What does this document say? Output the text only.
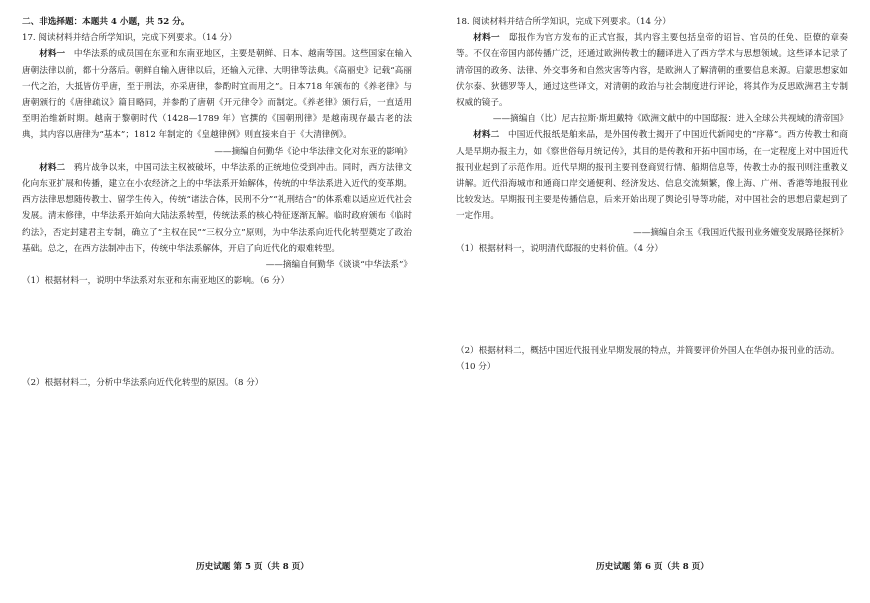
二、非选择题：本题共 4 小题，共 52 分。

17. 阅读材料并结合所学知识，完成下列要求。（14 分）

材料一　 中华法系的成员国在东亚和东南亚地区，主要是朝鲜、日本、越南等国。这些国家在输入唐朝法律以前，都十分落后。朝鲜自输入唐律以后，还输入元律、大明律等法典。《高丽史》记载“高丽一代之治，大抵皆仿乎唐，至于刑法，亦采唐律，参酌时宜而用之”。日本718 年颁布的《养老律》与唐朝颁行的《唐律疏议》篇目略同，并参酌了唐朝《开元律令》而制定。《养老律》颁行后，一直适用至明治维新时期。越南于黎朝时代（1428—1789 年）官撰的《国朝刑律》是越南现存最古老的法典，其内容以唐律为“基本”；1812 年制定的《皇越律例》则直接来自于《大清律例》。

——摘编自何勤华《论中华法律文化对东亚的影响》

材料二　 鸦片战争以来，中国司法主权被破坏，中华法系的正统地位受到冲击。同时，西方法律文化向东亚扩展和传播，建立在小农经济之上的中华法系开始解体，传统的中华法系进入近代的变革期。西方法律思想随传教士、留学生传入，传统“诸法合体，民刑不分”“礼刑结合”的体系难以适应近代社会发展。清末修律，中华法系开始向大陆法系转型，传统法系的核心特征逐渐瓦解。临时政府颁布《临时约法》，否定封建君主专制，确立了“主权在民”“三权分立”原则，为中华法系向近代化转型奠定了政治基础。总之，在西方法制冲击下，传统中华法系解体，开启了向近代化的艰难转型。

——摘编自何勤华《谈谈“中华法系”》

（1）根据材料一，说明中华法系对东亚和东南亚地区的影响。（6 分）

（2）根据材料二，分析中华法系向近代化转型的原因。（8 分）

18. 阅读材料并结合所学知识，完成下列要求。（14 分）

材料一　 邸报作为官方发布的正式官报，其内容主要包括皇帝的诏旨、官员的任免、臣僚的章奏等。不仅在帝国内部传播广泛，还通过欧洲传教士的翻译进入了西方学术与思想领域。这些译本记录了清帝国的政务、法律、外交事务和自然灾害等内容，是欧洲人了解清朝的重要信息来源。启蒙思想家如伏尔泰、狄德罗等人，通过这些译文，对清朝的政治与社会制度进行评论，将其作为反思欧洲君主专制权威的镜子。

——摘编自（比）尼古拉斯·斯坦戴特《欧洲文献中的中国邸报：进入全球公共视域的清帝国》

材料二　 中国近代报纸是舶来品，是外国传教士揭开了中国近代新闻史的“序幕”。西方传教士和商人是早期办报主力，如《察世俗每月统记传》，其目的是传教和开拓中国市场，在一定程度上对中国近代报刊业起到了示范作用。近代早期的报刊主要刊登商贸行情、船期信息等，传教士办的报刊则注重教义讲解。近代沿海城市和通商口岸交通便利、经济发达、信息交流频繁，像上海、广州、香港等地报刊业比较发达。早期报刊主要是传播信息，后来开始出现了舆论引导等功能，对中国社会的思想启蒙起到了一定作用。

——摘编自余玉《我国近代报刊业务嬗变发展路径探析》

（1）根据材料一，说明清代邸报的史料价值。（4 分）

（2）根据材料二，概括中国近代报刊业早期发展的特点，并简要评价外国人在华创办报刊业的活动。（10 分）

历史试题 第 5 页（共 8 页）	历史试题 第 6 页（共 8 页）
